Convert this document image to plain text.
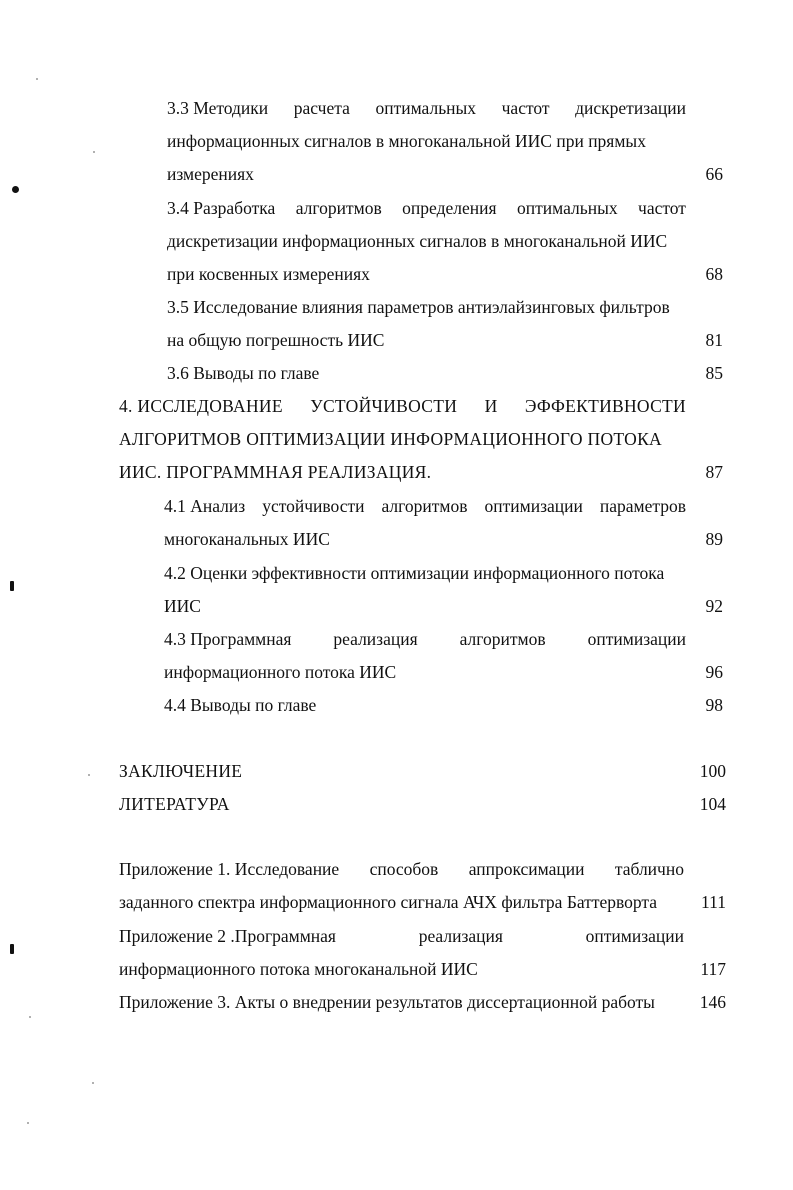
3.3 Методики расчета оптимальных частот дискретизации
информационных сигналов в многоканальной ИИС при прямых
измерениях	66
3.4 Разработка алгоритмов определения оптимальных частот
дискретизации информационных сигналов в многоканальной ИИС
при косвенных измерениях	68
3.5 Исследование влияния параметров антиэлайзинговых фильтров
на общую погрешность ИИС	81
3.6 Выводы по главе	85
4. ИССЛЕДОВАНИЕ УСТОЙЧИВОСТИ И ЭФФЕКТИВНОСТИ
АЛГОРИТМОВ ОПТИМИЗАЦИИ ИНФОРМАЦИОННОГО ПОТОКА
ИИС. ПРОГРАММНАЯ РЕАЛИЗАЦИЯ.	87
4.1 Анализ устойчивости алгоритмов оптимизации параметров
многоканальных ИИС	89
4.2 Оценки эффективности оптимизации информационного потока
ИИС	92
4.3 Программная реализация алгоритмов оптимизации
информационного потока ИИС	96
4.4 Выводы по главе	98
ЗАКЛЮЧЕНИЕ	100
ЛИТЕРАТУРА	104
Приложение 1. Исследование способов аппроксимации таблично
заданного спектра информационного сигнала АЧХ фильтра Баттерворта	111
Приложение 2 .Программная	реализация	оптимизации
информационного потока многоканальной ИИС	117
Приложение 3. Акты о внедрении результатов диссертационной работы	146
